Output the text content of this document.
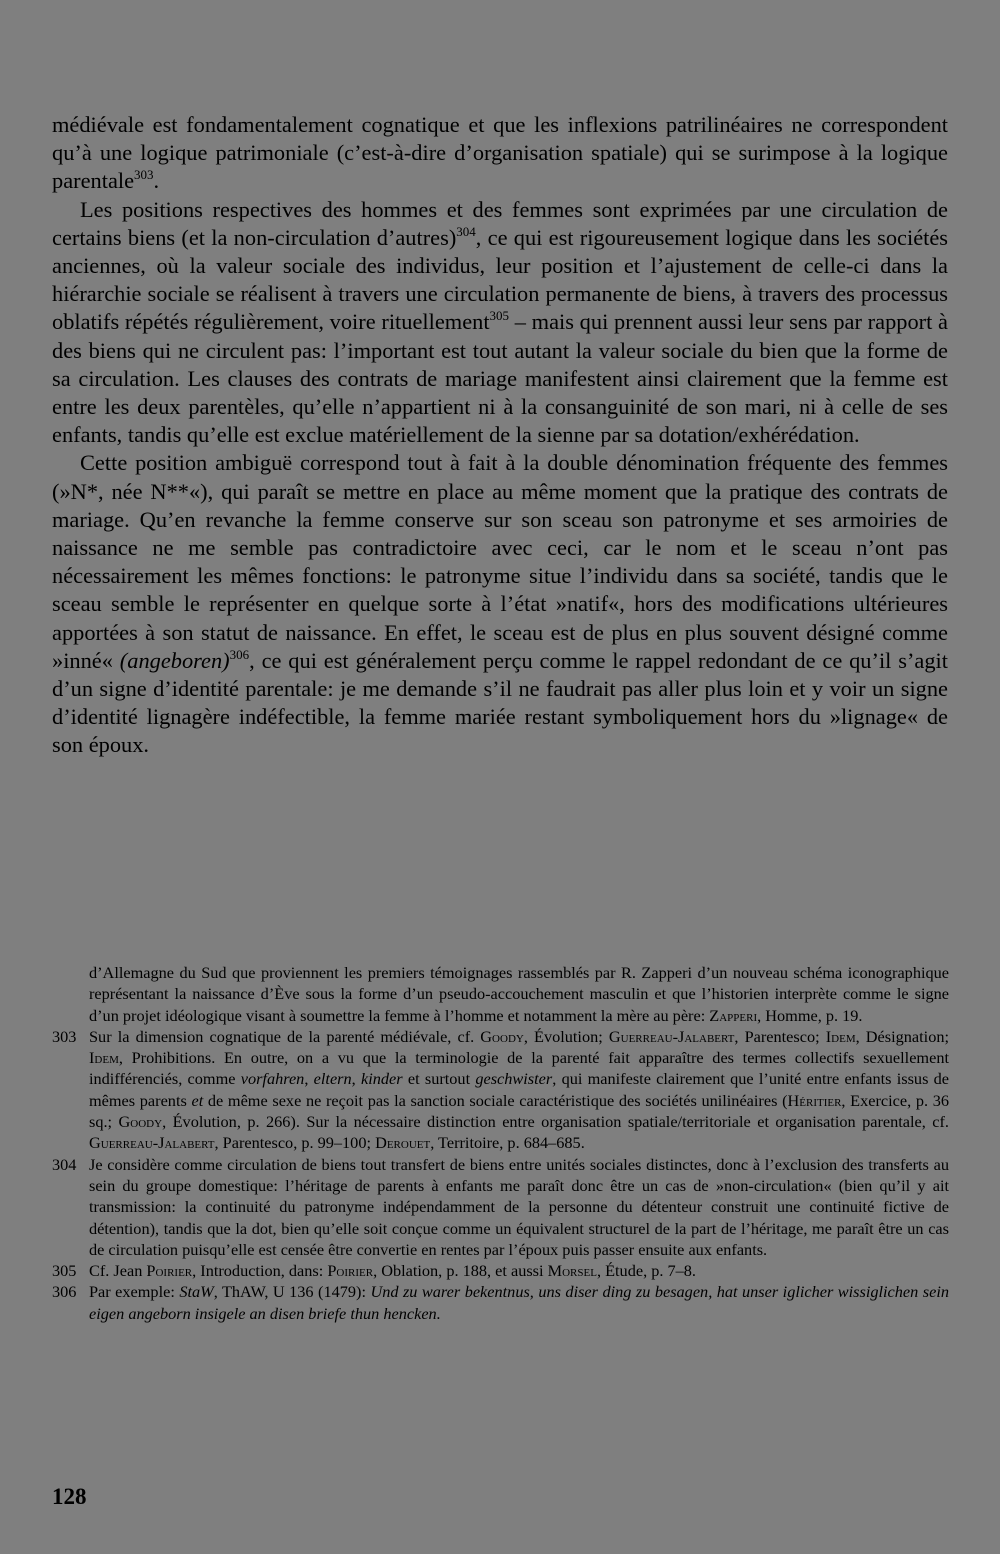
médiévale est fondamentalement cognatique et que les inflexions patrilinéaires ne correspondent qu’à une logique patrimoniale (c’est-à-dire d’organisation spatiale) qui se surimpose à la logique parentale$^{303}$.

Les positions respectives des hommes et des femmes sont exprimées par une circulation de certains biens (et la non-circulation d’autres)$^{304}$, ce qui est rigoureusement logique dans les sociétés anciennes, où la valeur sociale des individus, leur position et l’ajustement de celle-ci dans la hiérarchie sociale se réalisent à travers une circulation permanente de biens, à travers des processus oblatifs répétés régulièrement, voire rituellement$^{305}$ – mais qui prennent aussi leur sens par rapport à des biens qui ne circulent pas: l’important est tout autant la valeur sociale du bien que la forme de sa circulation. Les clauses des contrats de mariage manifestent ainsi clairement que la femme est entre les deux parentèles, qu’elle n’appartient ni à la consanguinité de son mari, ni à celle de ses enfants, tandis qu’elle est exclue matériellement de la sienne par sa dotation/exhérédation.

Cette position ambiguë correspond tout à fait à la double dénomination fréquente des femmes (»N*, née N**«), qui paraît se mettre en place au même moment que la pratique des contrats de mariage. Qu’en revanche la femme conserve sur son sceau son patronyme et ses armoiries de naissance ne me semble pas contradictoire avec ceci, car le nom et le sceau n’ont pas nécessairement les mêmes fonctions: le patronyme situe l’individu dans sa société, tandis que le sceau semble le représenter en quelque sorte à l’état »natif«, hors des modifications ultérieures apportées à son statut de naissance. En effet, le sceau est de plus en plus souvent désigné comme »inné« (angeboren)$^{306}$, ce qui est généralement perçu comme le rappel redondant de ce qu’il s’agit d’un signe d’identité parentale: je me demande s’il ne faudrait pas aller plus loin et y voir un signe d’identité lignagère indéfectible, la femme mariée restant symboliquement hors du »lignage« de son époux.

d’Allemagne du Sud que proviennent les premiers témoignages rassemblés par R. Zapperi d’un nouveau schéma iconographique représentant la naissance d’Ève sous la forme d’un pseudo-accouchement masculin et que l’historien interprète comme le signe d’un projet idéologique visant à soumettre la femme à l’homme et notamment la mère au père: Zapperi, Homme, p. 19.

303 Sur la dimension cognatique de la parenté médiévale, cf. Goody, Évolution; Guerreau-Jalabert, Parentesco; Idem, Désignation; Idem, Prohibitions. En outre, on a vu que la terminologie de la parenté fait apparaître des termes collectifs sexuellement indifférenciés, comme vorfahren, eltern, kinder et surtout geschwister, qui manifeste clairement que l’unité entre enfants issus de mêmes parents et de même sexe ne reçoit pas la sanction sociale caractéristique des sociétés unilinéaires (Héritier, Exercice, p. 36 sq.; Goody, Évolution, p. 266). Sur la nécessaire distinction entre organisation spatiale/territoriale et organisation parentale, cf. Guerreau-Jalabert, Parentesco, p. 99–100; Derouet, Territoire, p. 684–685.

304 Je considère comme circulation de biens tout transfert de biens entre unités sociales distinctes, donc à l’exclusion des transferts au sein du groupe domestique: l’héritage de parents à enfants me paraît donc être un cas de »non-circulation« (bien qu’il y ait transmission: la continuité du patronyme indépendamment de la personne du détenteur construit une continuité fictive de détention), tandis que la dot, bien qu’elle soit conçue comme un équivalent structurel de la part de l’héritage, me paraît être un cas de circulation puisqu’elle est censée être convertie en rentes par l’époux puis passer ensuite aux enfants.

305 Cf. Jean Poirier, Introduction, dans: Poirier, Oblation, p. 188, et aussi Morsel, Étude, p. 7–8.

306 Par exemple: StaW, ThAW, U 136 (1479): Und zu warer bekentnus, uns diser ding zu besagen, hat unser iglicher wissiglichen sein eigen angeborn insigele an disen briefe thun hencken.

128
